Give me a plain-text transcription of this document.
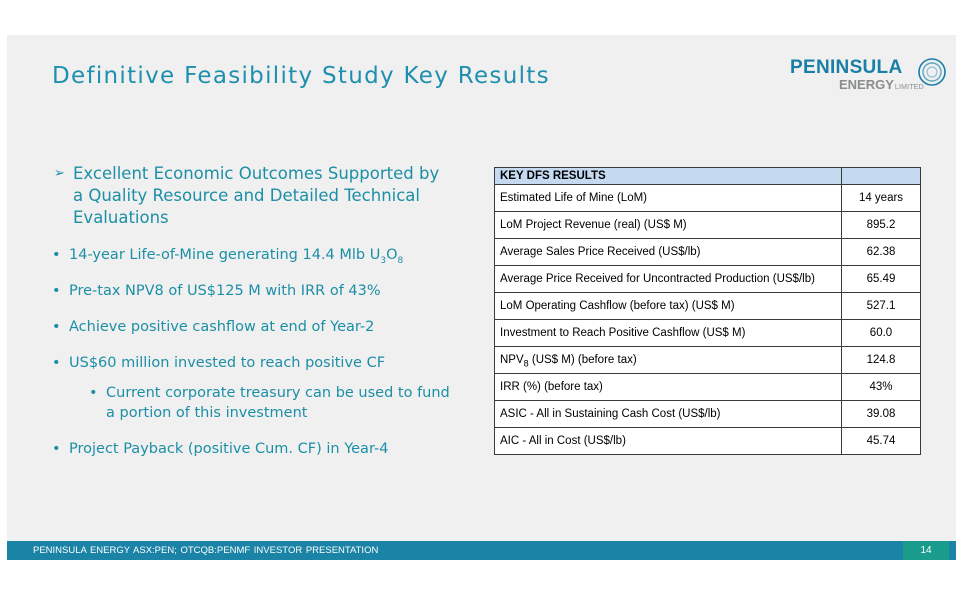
Definitive Feasibility Study Key Results	PENINSULA
ENERGYLIMITED
➢ Excellent Economic Outcomes Supported by a Quality Resource and Detailed Technical Evaluations
• 14-year Life-of-Mine generating 14.4 Mlb $U_3O_8$
• Pre-tax NPV8 of US$125 M with IRR of 43%
• Achieve positive cashflow at end of Year-2
• US$60 million invested to reach positive CF
• Current corporate treasury can be used to fund a portion of this investment
• Project Payback (positive Cum. CF) in Year-4
KEY DFS RESULTS	
Estimated Life of Mine (LoM)	14 years
LoM Project Revenue (real) (US$ M)	895.2
Average Sales Price Received (US$/lb)	62.38
Average Price Received for Uncontracted Production (US$/lb)	65.49
LoM Operating Cashflow (before tax) (US$ M)	527.1
Investment to Reach Positive Cashflow (US$ M)	60.0
$NPV_8$ (US$ M) (before tax)	124.8
IRR (%) (before tax)	43%
ASIC - All in Sustaining Cash Cost (US$/lb)	39.08
AIC - All in Cost (US$/lb)	45.74
PENINSULA ENERGY ASX:PEN; OTCQB:PENMF INVESTOR PRESENTATION	14
